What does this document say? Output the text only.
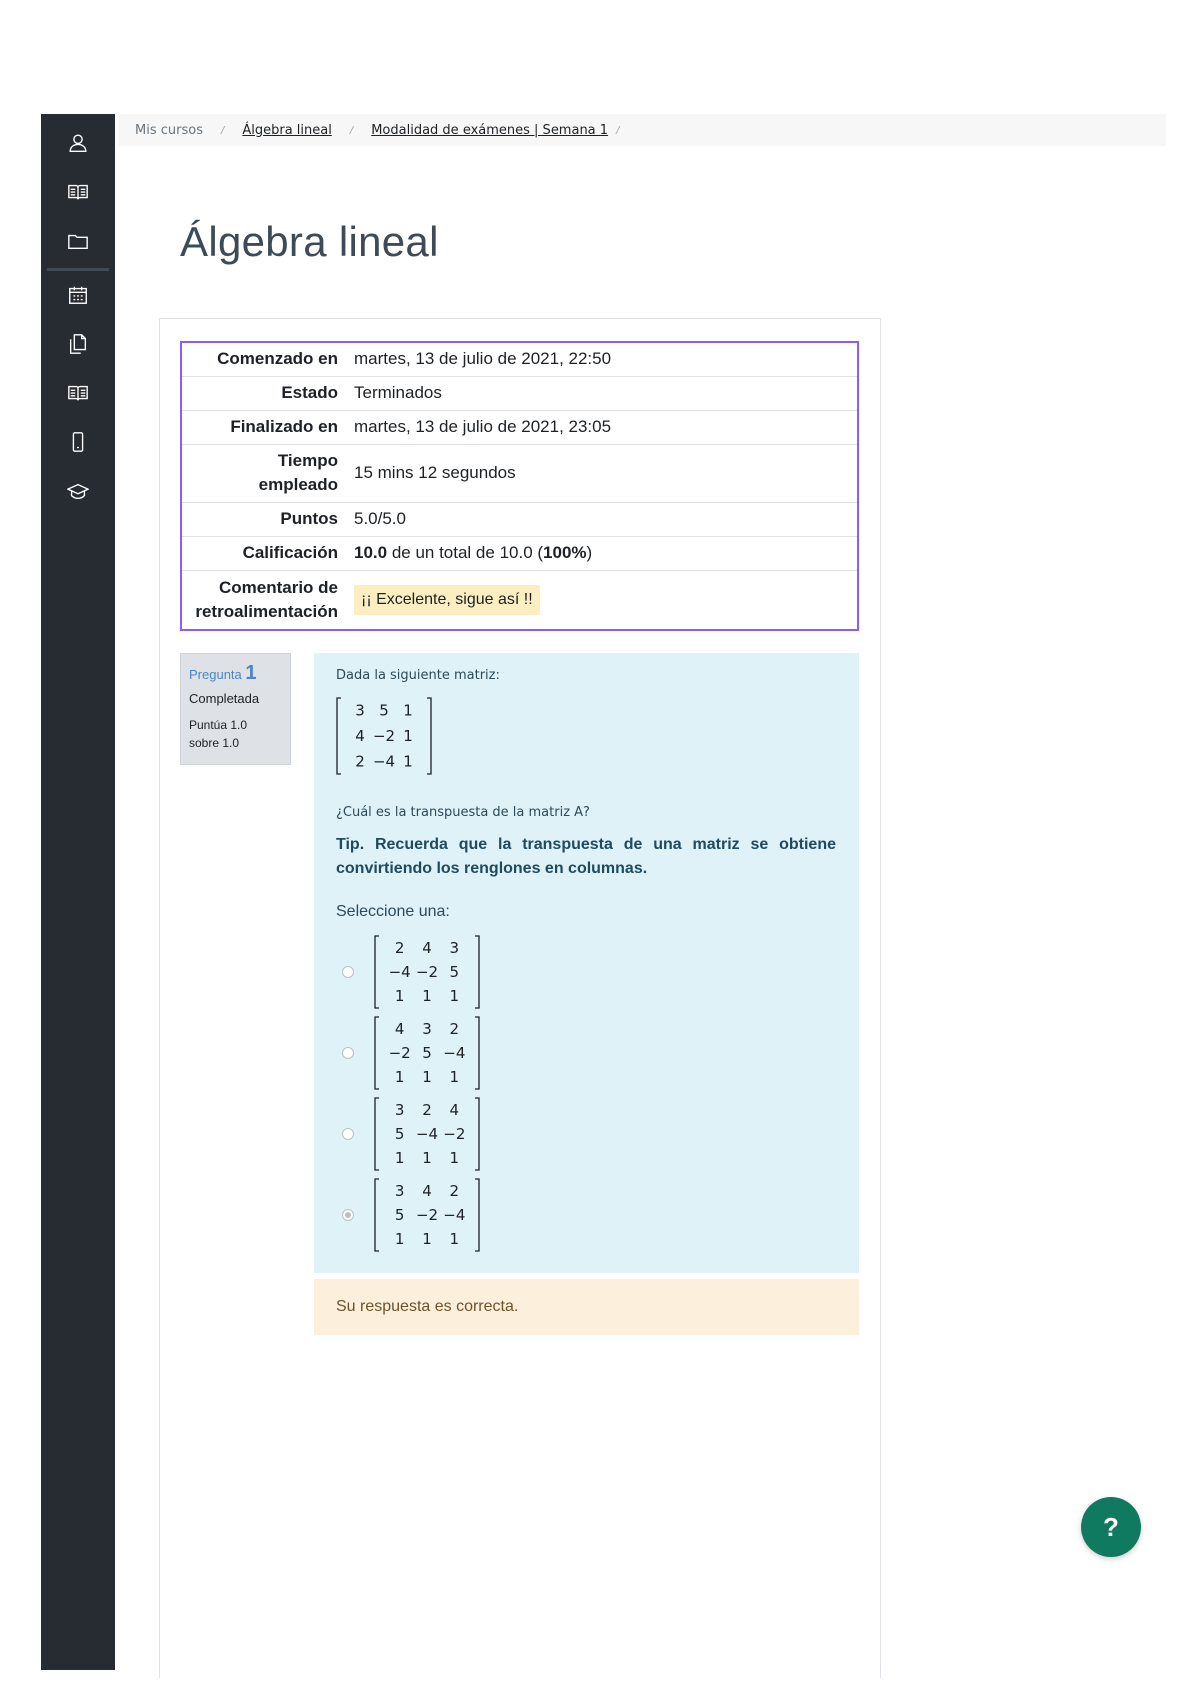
Mis cursos / Álgebra lineal / Modalidad de exámenes | Semana 1 /
Álgebra lineal
Comenzado en	martes, 13 de julio de 2021, 22:50
Estado	Terminados
Finalizado en	martes, 13 de julio de 2021, 23:05
Tiempo
empleado	15 mins 12 segundos
Puntos	5.0/5.0
Calificación	10.0 de un total de 10.0 (100%)
Comentario de
retroalimentación	¡¡ Excelente, sigue así !!
Pregunta 1
Completada
Puntúa 1.0
sobre 1.0
Dada la siguiente matriz:
3 5 1
4 −2 1
2 −4 1
¿Cuál es la transpuesta de la matriz A?
Tip. Recuerda que la transpuesta de una matriz se obtiene convirtiendo los renglones en columnas.
Seleccione una:
2 4 3
−4 −2 5
1 1 1
4 3 2
−2 5 −4
1 1 1
3 2 4
5 −4 −2
1 1 1
3 4 2
5 −2 −4
1 1 1
Su respuesta es correcta.
?
